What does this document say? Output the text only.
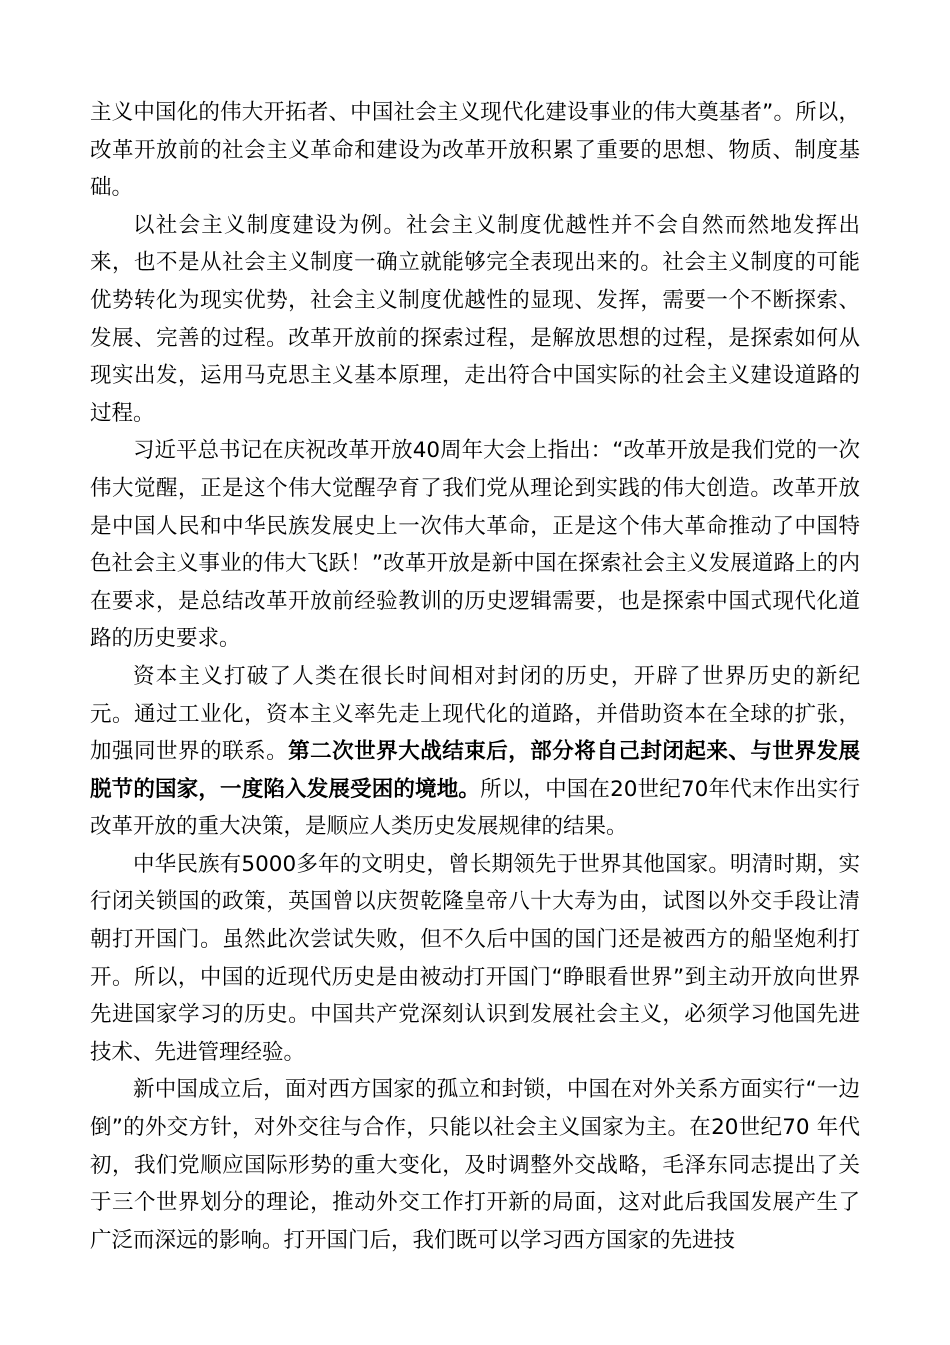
主义中国化的伟大开拓者、中国社会主义现代化建设事业的伟大奠基者”。所以，改革开放前的社会主义革命和建设为改革开放积累了重要的思想、物质、制度基础。

以社会主义制度建设为例。社会主义制度优越性并不会自然而然地发挥出来，也不是从社会主义制度一确立就能够完全表现出来的。社会主义制度的可能优势转化为现实优势，社会主义制度优越性的显现、发挥，需要一个不断探索、发展、完善的过程。改革开放前的探索过程，是解放思想的过程，是探索如何从现实出发，运用马克思主义基本原理，走出符合中国实际的社会主义建设道路的过程。

习近平总书记在庆祝改革开放40周年大会上指出：“改革开放是我们党的一次伟大觉醒，正是这个伟大觉醒孕育了我们党从理论到实践的伟大创造。改革开放是中国人民和中华民族发展史上一次伟大革命，正是这个伟大革命推动了中国特色社会主义事业的伟大飞跃！”改革开放是新中国在探索社会主义发展道路上的内在要求，是总结改革开放前经验教训的历史逻辑需要，也是探索中国式现代化道路的历史要求。

资本主义打破了人类在很长时间相对封闭的历史，开辟了世界历史的新纪元。通过工业化，资本主义率先走上现代化的道路，并借助资本在全球的扩张，加强同世界的联系。第二次世界大战结束后，部分将自己封闭起来、与世界发展脱节的国家，一度陷入发展受困的境地。所以，中国在20世纪70年代末作出实行改革开放的重大决策，是顺应人类历史发展规律的结果。

中华民族有5000多年的文明史，曾长期领先于世界其他国家。明清时期，实行闭关锁国的政策，英国曾以庆贺乾隆皇帝八十大寿为由，试图以外交手段让清朝打开国门。虽然此次尝试失败，但不久后中国的国门还是被西方的船坚炮利打开。所以，中国的近现代历史是由被动打开国门“睁眼看世界”到主动开放向世界先进国家学习的历史。中国共产党深刻认识到发展社会主义，必须学习他国先进技术、先进管理经验。

新中国成立后，面对西方国家的孤立和封锁，中国在对外关系方面实行“一边倒”的外交方针，对外交往与合作，只能以社会主义国家为主。在20世纪70 年代初，我们党顺应国际形势的重大变化，及时调整外交战略，毛泽东同志提出了关于三个世界划分的理论，推动外交工作打开新的局面，这对此后我国发展产生了广泛而深远的影响。打开国门后，我们既可以学习西方国家的先进技
